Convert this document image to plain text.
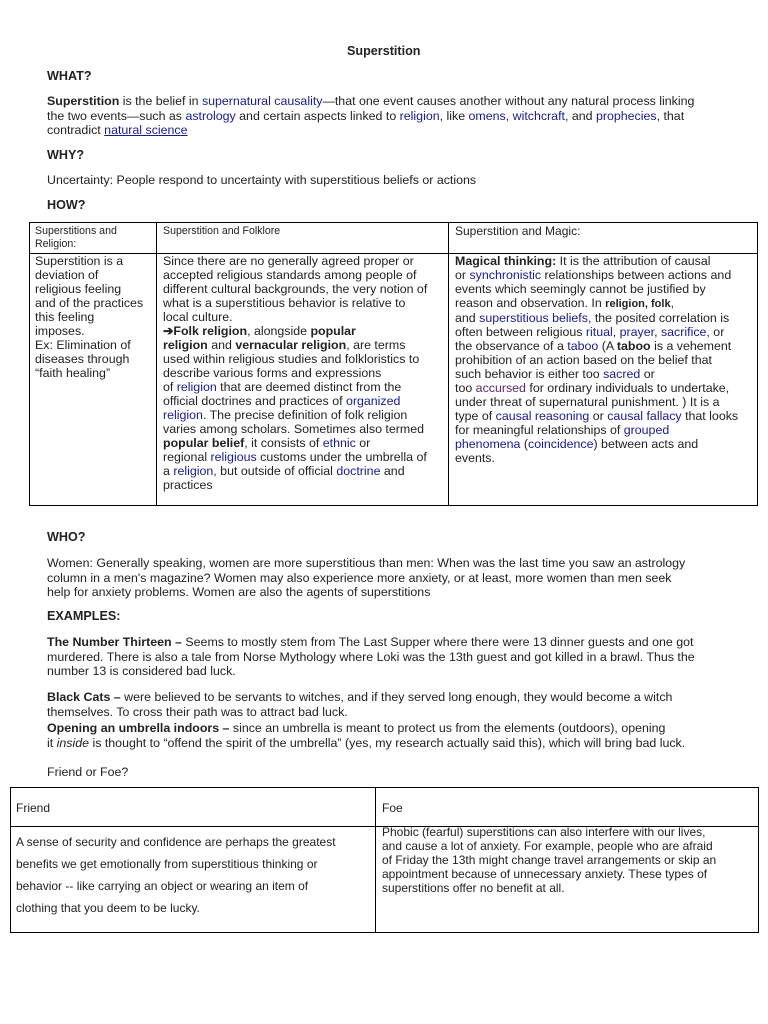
Superstition
WHAT?
Superstition is the belief in supernatural causality—that one event causes another without any natural process linking
the two events—such as astrology and certain aspects linked to religion, like omens, witchcraft, and prophecies, that
contradict natural science
WHY?
Uncertainty: People respond to uncertainty with superstitious beliefs or actions
HOW?
Superstitions and
Religion:
Superstition and Folklore	Superstition and Magic:
Superstition is a
deviation of
religious feeling
and of the practices
this feeling
imposes.
Ex: Elimination of
diseases through
“faith healing”
Since there are no generally agreed proper or
accepted religious standards among people of
different cultural backgrounds, the very notion of
what is a superstitious behavior is relative to
local culture.
➔Folk religion, alongside popular
religion and vernacular religion, are terms
used within religious studies and folkloristics to
describe various forms and expressions
of religion that are deemed distinct from the
official doctrines and practices of organized
religion. The precise definition of folk religion
varies among scholars. Sometimes also termed
popular belief, it consists of ethnic or
regional religious customs under the umbrella of
a religion, but outside of official doctrine and
practices
Magical thinking: It is the attribution of causal
or synchronistic relationships between actions and
events which seemingly cannot be justified by
reason and observation. In religion, folk,
and superstitious beliefs, the posited correlation is
often between religious ritual, prayer, sacrifice, or
the observance of a taboo (A taboo is a vehement
prohibition of an action based on the belief that
such behavior is either too sacred or
too accursed for ordinary individuals to undertake,
under threat of supernatural punishment. ) It is a
type of causal reasoning or causal fallacy that looks
for meaningful relationships of grouped
phenomena (coincidence) between acts and
events.
WHO?
Women: Generally speaking, women are more superstitious than men: When was the last time you saw an astrology
column in a men's magazine? Women may also experience more anxiety, or at least, more women than men seek
help for anxiety problems. Women are also the agents of superstitions
EXAMPLES:
The Number Thirteen – Seems to mostly stem from The Last Supper where there were 13 dinner guests and one got
murdered. There is also a tale from Norse Mythology where Loki was the 13th guest and got killed in a brawl. Thus the
number 13 is considered bad luck.
Black Cats – were believed to be servants to witches, and if they served long enough, they would become a witch
themselves. To cross their path was to attract bad luck.
Opening an umbrella indoors – since an umbrella is meant to protect us from the elements (outdoors), opening
it inside is thought to “offend the spirit of the umbrella” (yes, my research actually said this), which will bring bad luck.
Friend or Foe?
Friend	Foe
A sense of security and confidence are perhaps the greatest
benefits we get emotionally from superstitious thinking or
behavior -- like carrying an object or wearing an item of
clothing that you deem to be lucky.
Phobic (fearful) superstitions can also interfere with our lives,
and cause a lot of anxiety. For example, people who are afraid
of Friday the 13th might change travel arrangements or skip an
appointment because of unnecessary anxiety. These types of
superstitions offer no benefit at all.
